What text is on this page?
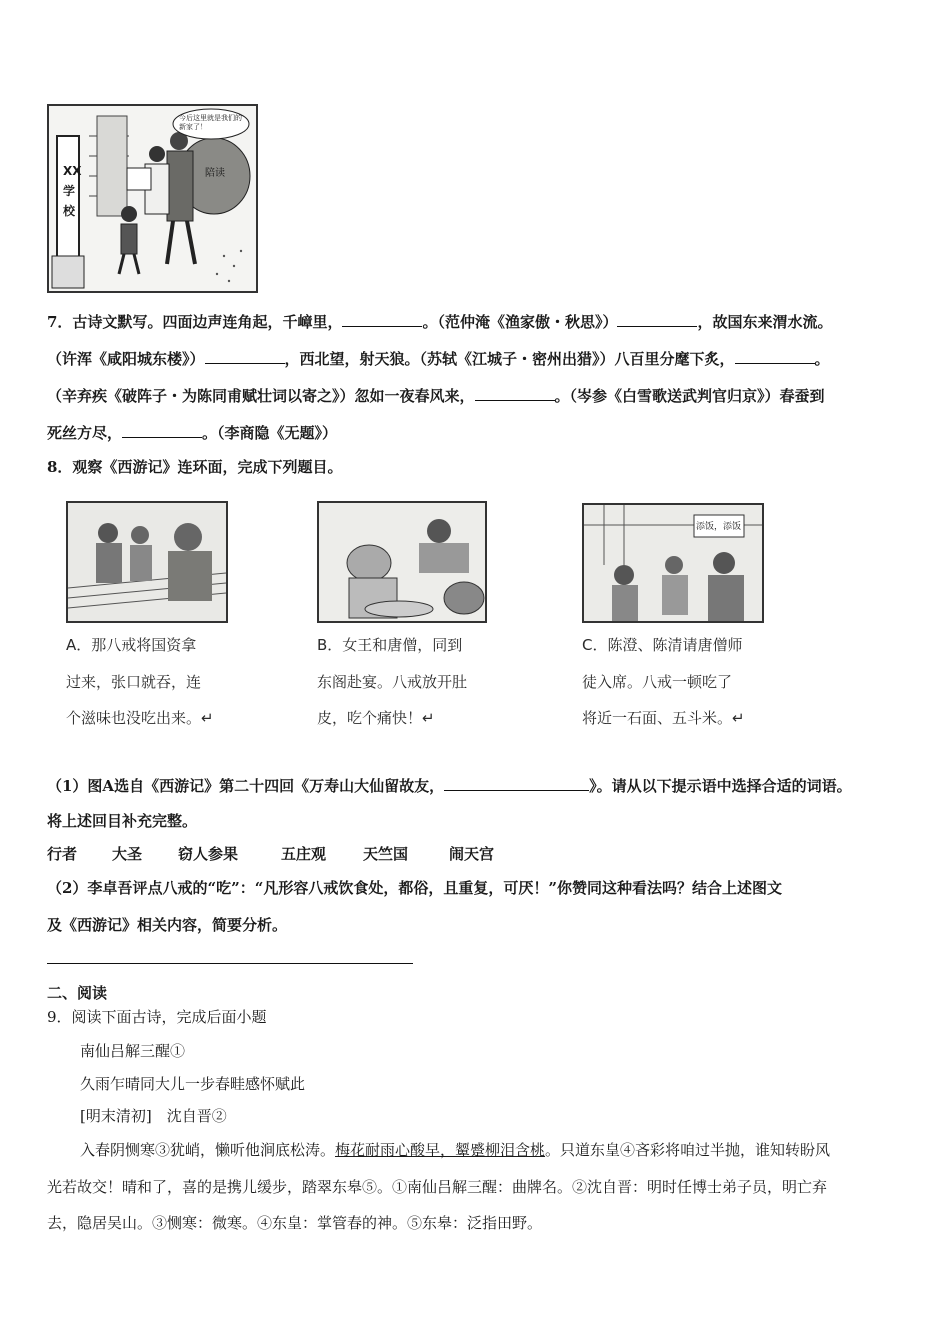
今后这里就是我们的新家了！
XX学校
陪读
7．古诗文默写。四面边声连角起，千嶂里，	。（范仲淹《渔家傲・秋思》）	，故国东来渭水流。
（许浑《咸阳城东楼》）	，西北望，射天狼。（苏轼《江城子・密州出猎》）八百里分麾下炙，	。
（辛弃疾《破阵子・为陈同甫赋壮词以寄之》）忽如一夜春风来，	。（岑参《白雪歌送武判官归京》）春蚕到
死丝方尽，	。（李商隐《无题》）
8．观察《西游记》连环面，完成下列题目。
添饭，添饭
A．那八戒将国资拿
过来，张口就吞，连
个滋味也没吃出来。↵
B．女王和唐僧，同到
东阁赴宴。八戒放开肚
皮，吃个痛快！↵
C．陈澄、陈清请唐僧师
徒入席。八戒一顿吃了
将近一石面、五斗米。↵
（1）图A选自《西游记》第二十四回《万寿山大仙留故友，	》。请从以下提示语中选择合适的词语。
将上述回目补充完整。
行者 大圣 窃人参果	五庄观 天竺国	闹天宫
（2）李卓吾评点八戒的“吃”：“凡形容八戒饮食处，都俗，且重复，可厌！”你赞同这种看法吗？结合上述图文
及《西游记》相关内容，简要分析。
二、阅读
9．阅读下面古诗，完成后面小题
南仙吕解三醒①
久雨乍晴同大儿一步春畦感怀赋此
[明末清初]　沈自晋②
入春阴恻寒③犹峭，懒听他涧底松涛。梅花耐雨心酸早，颦蹙柳泪含桃。只道东皇④吝彩将咱过半抛，谁知转盼风
光若故交！晴和了，喜的是携儿缓步，踏翠东皋⑤。①南仙吕解三醒：曲牌名。②沈自晋：明时任博士弟子员，明亡弃
去，隐居吴山。③恻寒：微寒。④东皇：掌管春的神。⑤东皋：泛指田野。
